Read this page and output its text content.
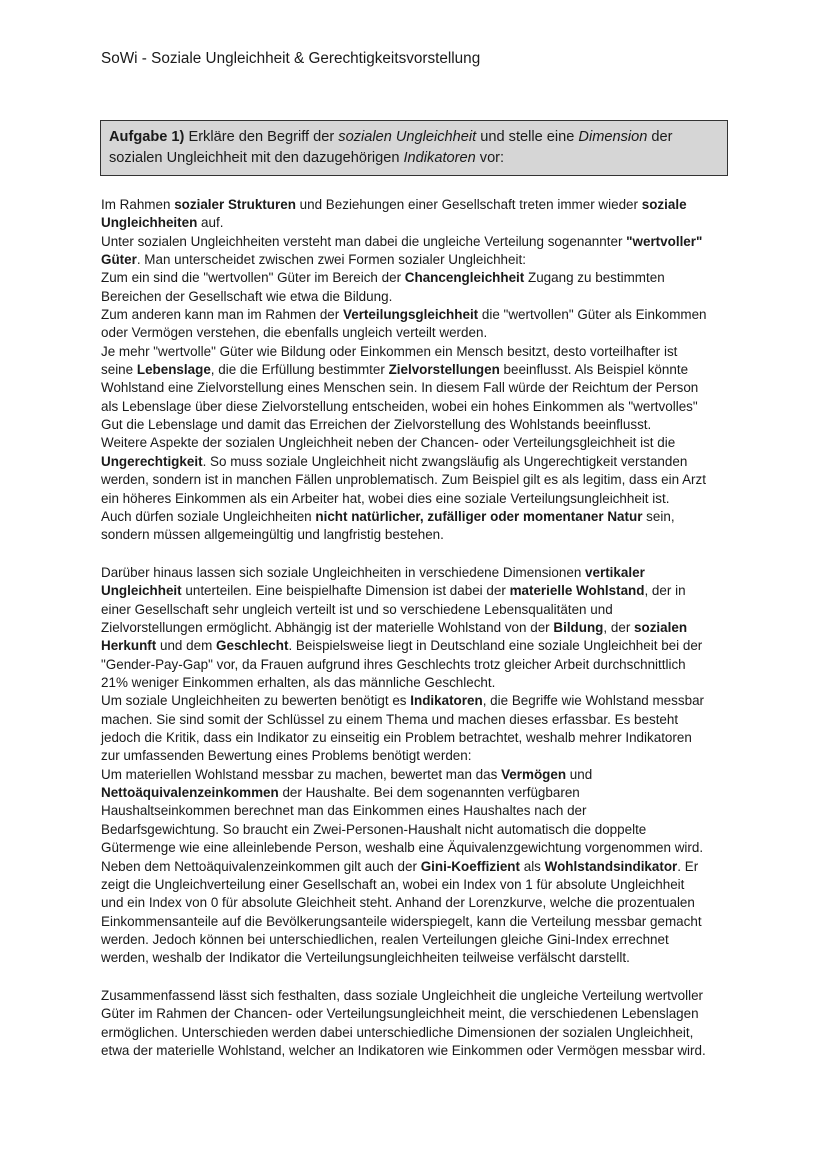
SoWi - Soziale Ungleichheit & Gerechtigkeitsvorstellung
Aufgabe 1) Erkläre den Begriff der sozialen Ungleichheit und stelle eine Dimension der
sozialen Ungleichheit mit den dazugehörigen Indikatoren vor:
Im Rahmen sozialer Strukturen und Beziehungen einer Gesellschaft treten immer wieder soziale
Ungleichheiten auf.
Unter sozialen Ungleichheiten versteht man dabei die ungleiche Verteilung sogenannter "wertvoller"
Güter. Man unterscheidet zwischen zwei Formen sozialer Ungleichheit:
Zum ein sind die "wertvollen" Güter im Bereich der Chancengleichheit Zugang zu bestimmten
Bereichen der Gesellschaft wie etwa die Bildung.
Zum anderen kann man im Rahmen der Verteilungsgleichheit die "wertvollen" Güter als Einkommen
oder Vermögen verstehen, die ebenfalls ungleich verteilt werden.
Je mehr "wertvolle" Güter wie Bildung oder Einkommen ein Mensch besitzt, desto vorteilhafter ist
seine Lebenslage, die die Erfüllung bestimmter Zielvorstellungen beeinflusst. Als Beispiel könnte
Wohlstand eine Zielvorstellung eines Menschen sein. In diesem Fall würde der Reichtum der Person
als Lebenslage über diese Zielvorstellung entscheiden, wobei ein hohes Einkommen als "wertvolles"
Gut die Lebenslage und damit das Erreichen der Zielvorstellung des Wohlstands beeinflusst.
Weitere Aspekte der sozialen Ungleichheit neben der Chancen- oder Verteilungsgleichheit ist die
Ungerechtigkeit. So muss soziale Ungleichheit nicht zwangsläufig als Ungerechtigkeit verstanden
werden, sondern ist in manchen Fällen unproblematisch. Zum Beispiel gilt es als legitim, dass ein Arzt
ein höheres Einkommen als ein Arbeiter hat, wobei dies eine soziale Verteilungsungleichheit ist.
Auch dürfen soziale Ungleichheiten nicht natürlicher, zufälliger oder momentaner Natur sein,
sondern müssen allgemeingültig und langfristig bestehen.
Darüber hinaus lassen sich soziale Ungleichheiten in verschiedene Dimensionen vertikaler
Ungleichheit unterteilen. Eine beispielhafte Dimension ist dabei der materielle Wohlstand, der in
einer Gesellschaft sehr ungleich verteilt ist und so verschiedene Lebensqualitäten und
Zielvorstellungen ermöglicht. Abhängig ist der materielle Wohlstand von der Bildung, der sozialen
Herkunft und dem Geschlecht. Beispielsweise liegt in Deutschland eine soziale Ungleichheit bei der
"Gender-Pay-Gap" vor, da Frauen aufgrund ihres Geschlechts trotz gleicher Arbeit durchschnittlich
21% weniger Einkommen erhalten, als das männliche Geschlecht.
Um soziale Ungleichheiten zu bewerten benötigt es Indikatoren, die Begriffe wie Wohlstand messbar
machen. Sie sind somit der Schlüssel zu einem Thema und machen dieses erfassbar. Es besteht
jedoch die Kritik, dass ein Indikator zu einseitig ein Problem betrachtet, weshalb mehrer Indikatoren
zur umfassenden Bewertung eines Problems benötigt werden:
Um materiellen Wohlstand messbar zu machen, bewertet man das Vermögen und
Nettoäquivalenzeinkommen der Haushalte. Bei dem sogenannten verfügbaren
Haushaltseinkommen berechnet man das Einkommen eines Haushaltes nach der
Bedarfsgewichtung. So braucht ein Zwei-Personen-Haushalt nicht automatisch die doppelte
Gütermenge wie eine alleinlebende Person, weshalb eine Äquivalenzgewichtung vorgenommen wird.
Neben dem Nettoäquivalenzeinkommen gilt auch der Gini-Koeffizient als Wohlstandsindikator. Er
zeigt die Ungleichverteilung einer Gesellschaft an, wobei ein Index von 1 für absolute Ungleichheit
und ein Index von 0 für absolute Gleichheit steht. Anhand der Lorenzkurve, welche die prozentualen
Einkommensanteile auf die Bevölkerungsanteile widerspiegelt, kann die Verteilung messbar gemacht
werden. Jedoch können bei unterschiedlichen, realen Verteilungen gleiche Gini-Index errechnet
werden, weshalb der Indikator die Verteilungsungleichheiten teilweise verfälscht darstellt.
Zusammenfassend lässt sich festhalten, dass soziale Ungleichheit die ungleiche Verteilung wertvoller
Güter im Rahmen der Chancen- oder Verteilungsungleichheit meint, die verschiedenen Lebenslagen
ermöglichen. Unterschieden werden dabei unterschiedliche Dimensionen der sozialen Ungleichheit,
etwa der materielle Wohlstand, welcher an Indikatoren wie Einkommen oder Vermögen messbar wird.
